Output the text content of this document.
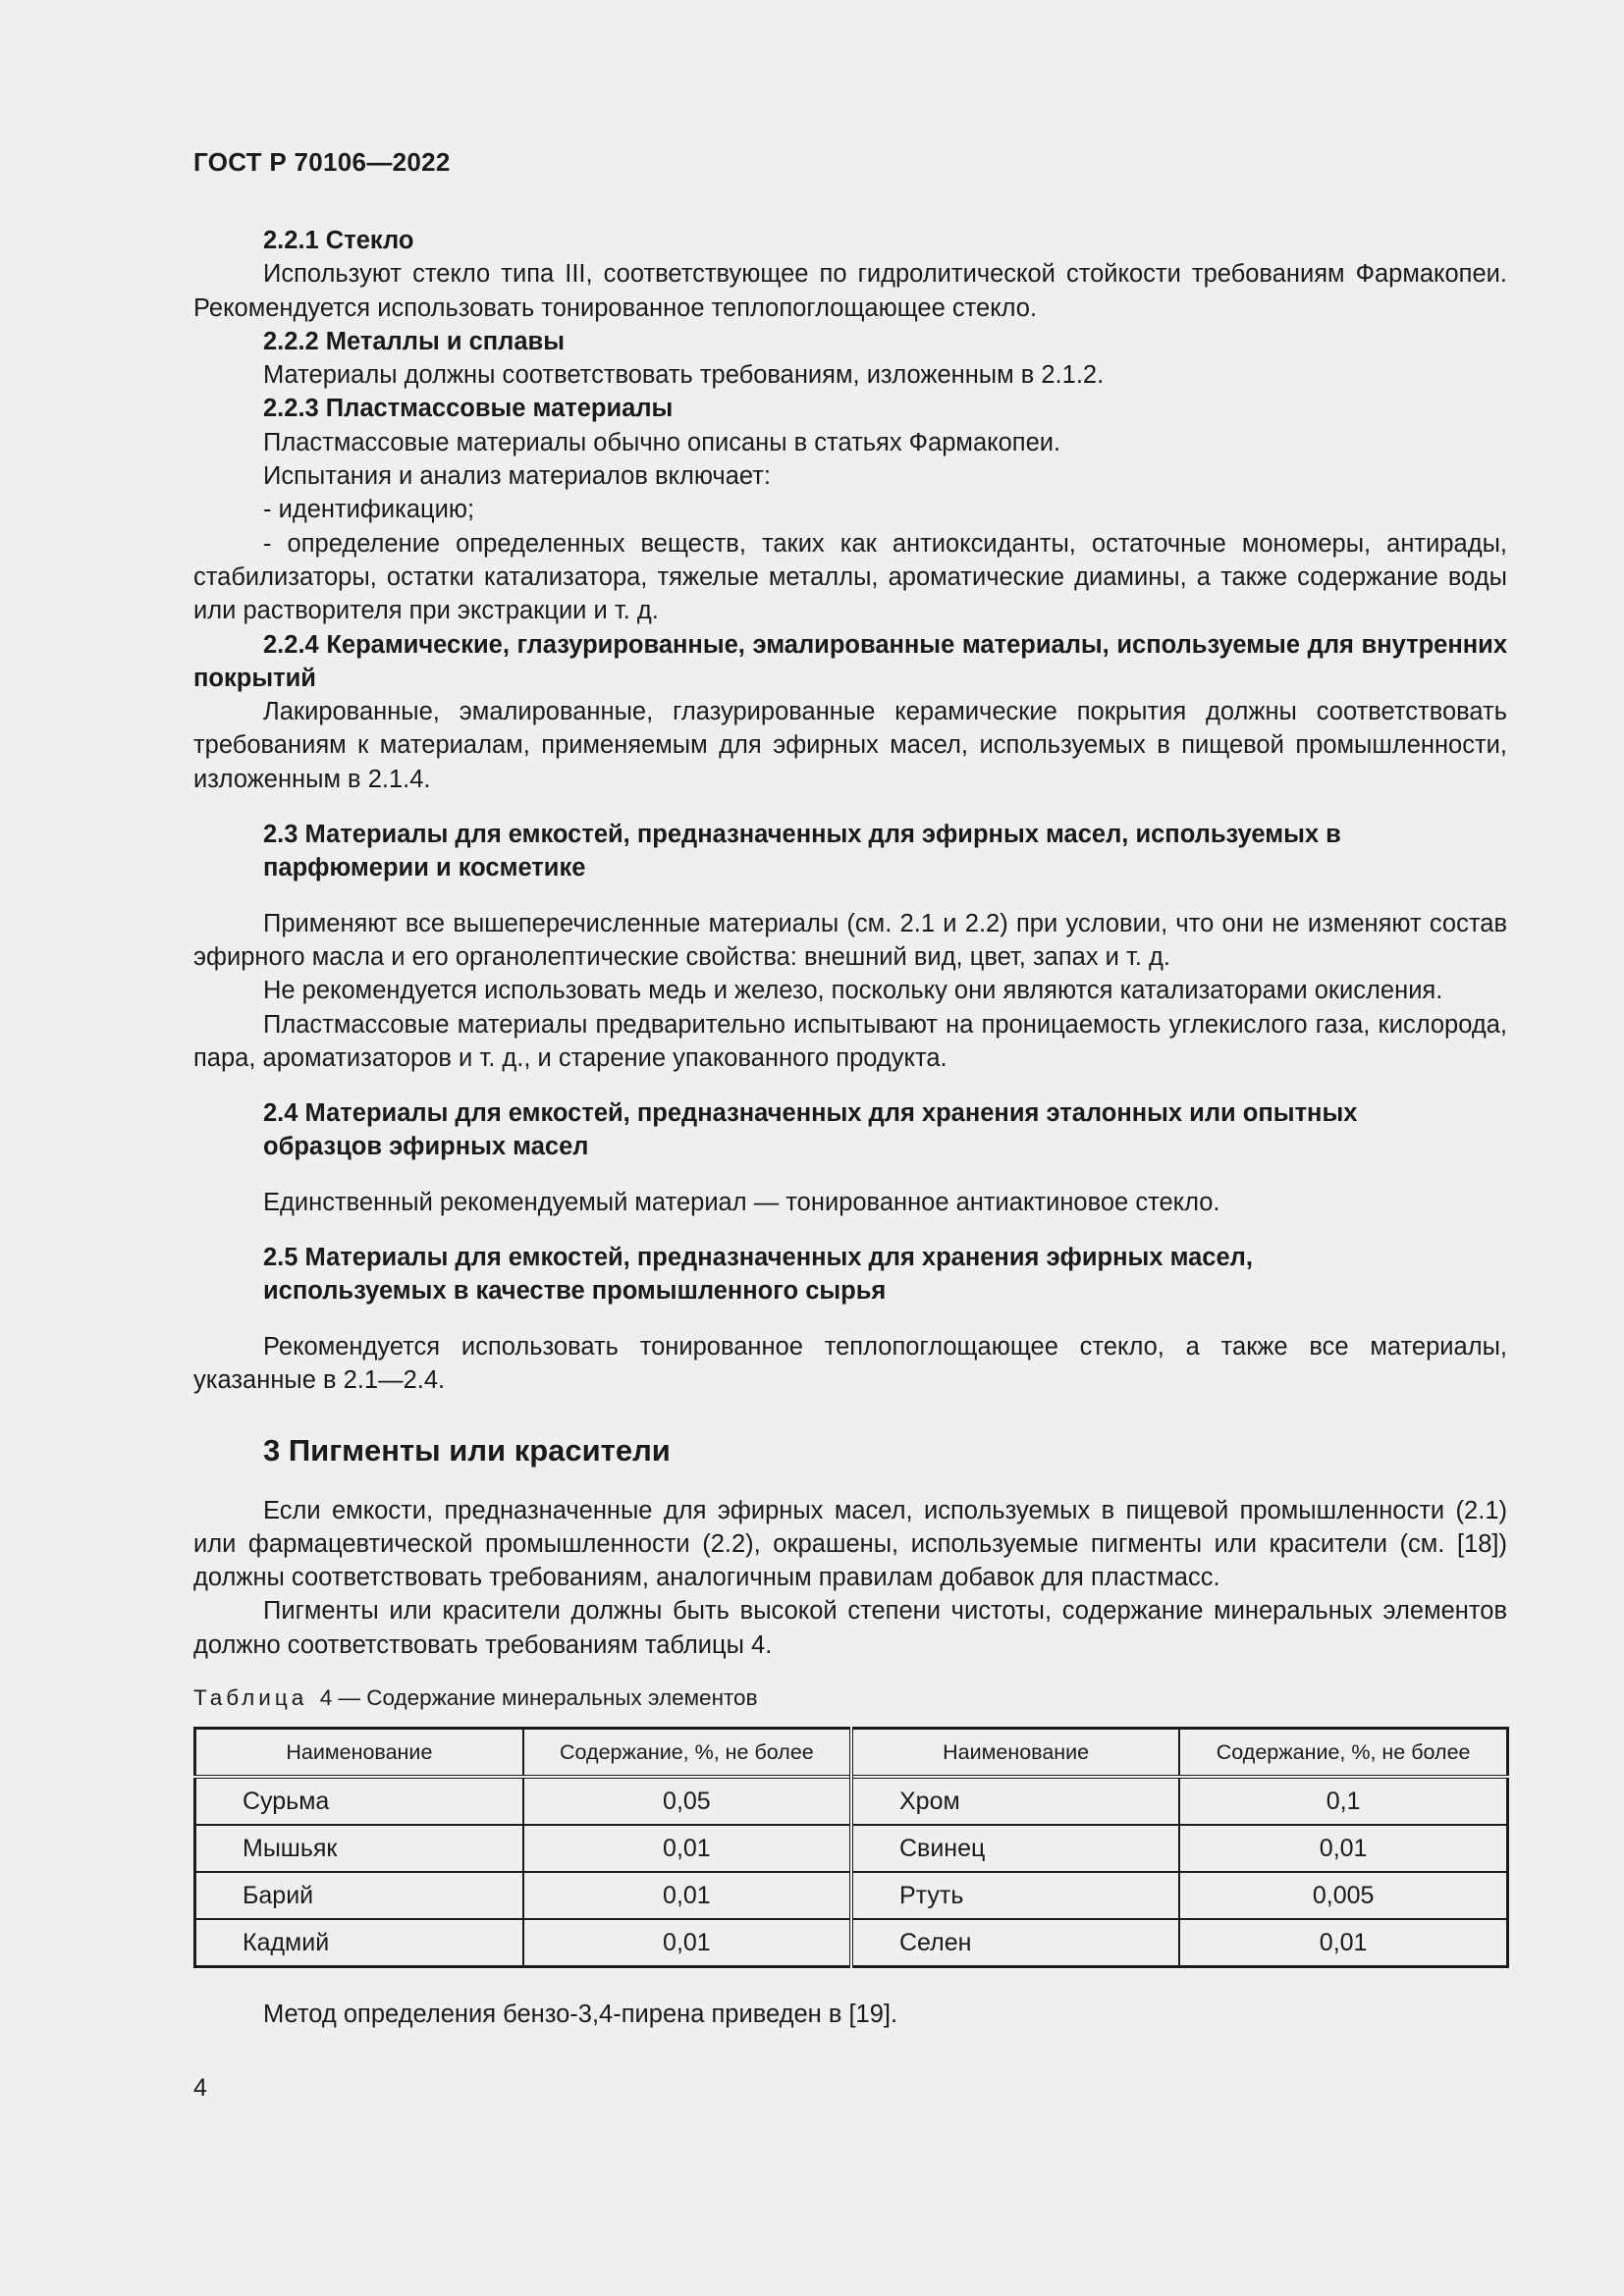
ГОСТ Р 70106—2022

2.2.1 Стекло

Используют стекло типа III, соответствующее по гидролитической стойкости требованиям Фармакопеи. Рекомендуется использовать тонированное теплопоглощающее стекло.

2.2.2 Металлы и сплавы

Материалы должны соответствовать требованиям, изложенным в 2.1.2.

2.2.3 Пластмассовые материалы

Пластмассовые материалы обычно описаны в статьях Фармакопеи.

Испытания и анализ материалов включает:

- идентификацию;

- определение определенных веществ, таких как антиоксиданты, остаточные мономеры, антирады, стабилизаторы, остатки катализатора, тяжелые металлы, ароматические диамины, а также содержание воды или растворителя при экстракции и т. д.

2.2.4 Керамические, глазурированные, эмалированные материалы, используемые для внутренних покрытий

Лакированные, эмалированные, глазурированные керамические покрытия должны соответствовать требованиям к материалам, применяемым для эфирных масел, используемых в пищевой промышленности, изложенным в 2.1.4.

2.3 Материалы для емкостей, предназначенных для эфирных масел, используемых в
парфюмерии и косметике

Применяют все вышеперечисленные материалы (см. 2.1 и 2.2) при условии, что они не изменяют состав эфирного масла и его органолептические свойства: внешний вид, цвет, запах и т. д.

Не рекомендуется использовать медь и железо, поскольку они являются катализаторами окисления.

Пластмассовые материалы предварительно испытывают на проницаемость углекислого газа, кислорода, пара, ароматизаторов и т. д., и старение упакованного продукта.

2.4 Материалы для емкостей, предназначенных для хранения эталонных или опытных
образцов эфирных масел

Единственный рекомендуемый материал — тонированное антиактиновое стекло.

2.5 Материалы для емкостей, предназначенных для хранения эфирных масел,
используемых в качестве промышленного сырья

Рекомендуется использовать тонированное теплопоглощающее стекло, а также все материалы, указанные в 2.1—2.4.

3 Пигменты или красители

Если емкости, предназначенные для эфирных масел, используемых в пищевой промышленности (2.1) или фармацевтической промышленности (2.2), окрашены, используемые пигменты или красители (см. [18]) должны соответствовать требованиям, аналогичным правилам добавок для пластмасс.

Пигменты или красители должны быть высокой степени чистоты, содержание минеральных элементов должно соответствовать требованиям таблицы 4.

Таблица 4 — Содержание минеральных элементов

Наименование	Содержание, %, не более	Наименование	Содержание, %, не более
Сурьма	0,05	Хром	0,1
Мышьяк	0,01	Свинец	0,01
Барий	0,01	Ртуть	0,005
Кадмий	0,01	Селен	0,01

Метод определения бензо-3,4-пирена приведен в [19].

4
